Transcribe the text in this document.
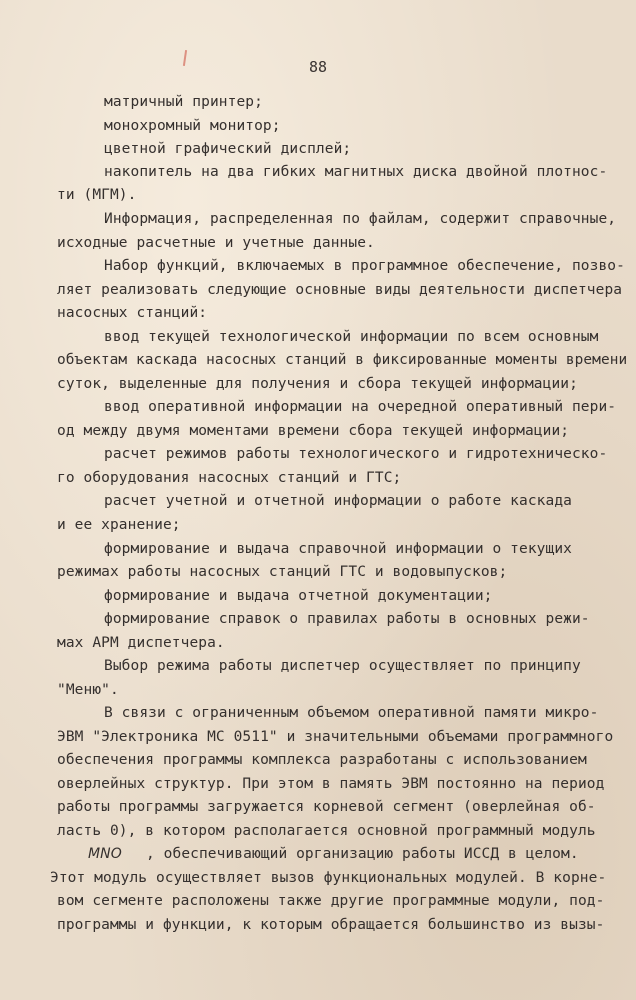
88
матричный принтер;
монохромный монитор;
цветной графический дисплей;
накопитель на два гибких магнитных диска двойной плотнос-
ти (МГМ).
Информация, распределенная по файлам, содержит справочные,
исходные расчетные и учетные данные.
Набор функций, включаемых в программное обеспечение, позво-
ляет реализовать следующие основные виды деятельности диспетчера
насосных станций:
ввод текущей технологической информации по всем основным
объектам каскада насосных станций в фиксированные моменты времени
суток, выделенные для получения и сбора текущей информации;
ввод оперативной информации на очередной оперативный пери-
од между двумя моментами времени сбора текущей информации;
расчет режимов работы технологического и гидротехническо-
го оборудования насосных станций и ГТС;
расчет учетной и отчетной информации о работе каскада
и ее хранение;
формирование и выдача справочной информации о текущих
режимах работы насосных станций ГТС и водовыпусков;
формирование и выдача отчетной документации;
формирование справок о правилах работы в основных режи-
мах АРМ диспетчера.
Выбор режима работы диспетчер осуществляет по принципу
"Меню".
В связи с ограниченным объемом оперативной памяти микро-
ЭВМ "Электроника МС 0511" и значительными объемами программного
обеспечения программы комплекса разработаны с использованием
оверлейных структур. При этом в память ЭВМ постоянно на период
работы программы загружается корневой сегмент (оверлейная об-
ласть 0), в котором располагается основной программный модуль
MNO , обеспечивающий организацию работы ИССД в целом.
Этот модуль осуществляет вызов функциональных модулей. В корне-
вом сегменте расположены также другие программные модули, под-
программы и функции, к которым обращается большинство из вызы-
